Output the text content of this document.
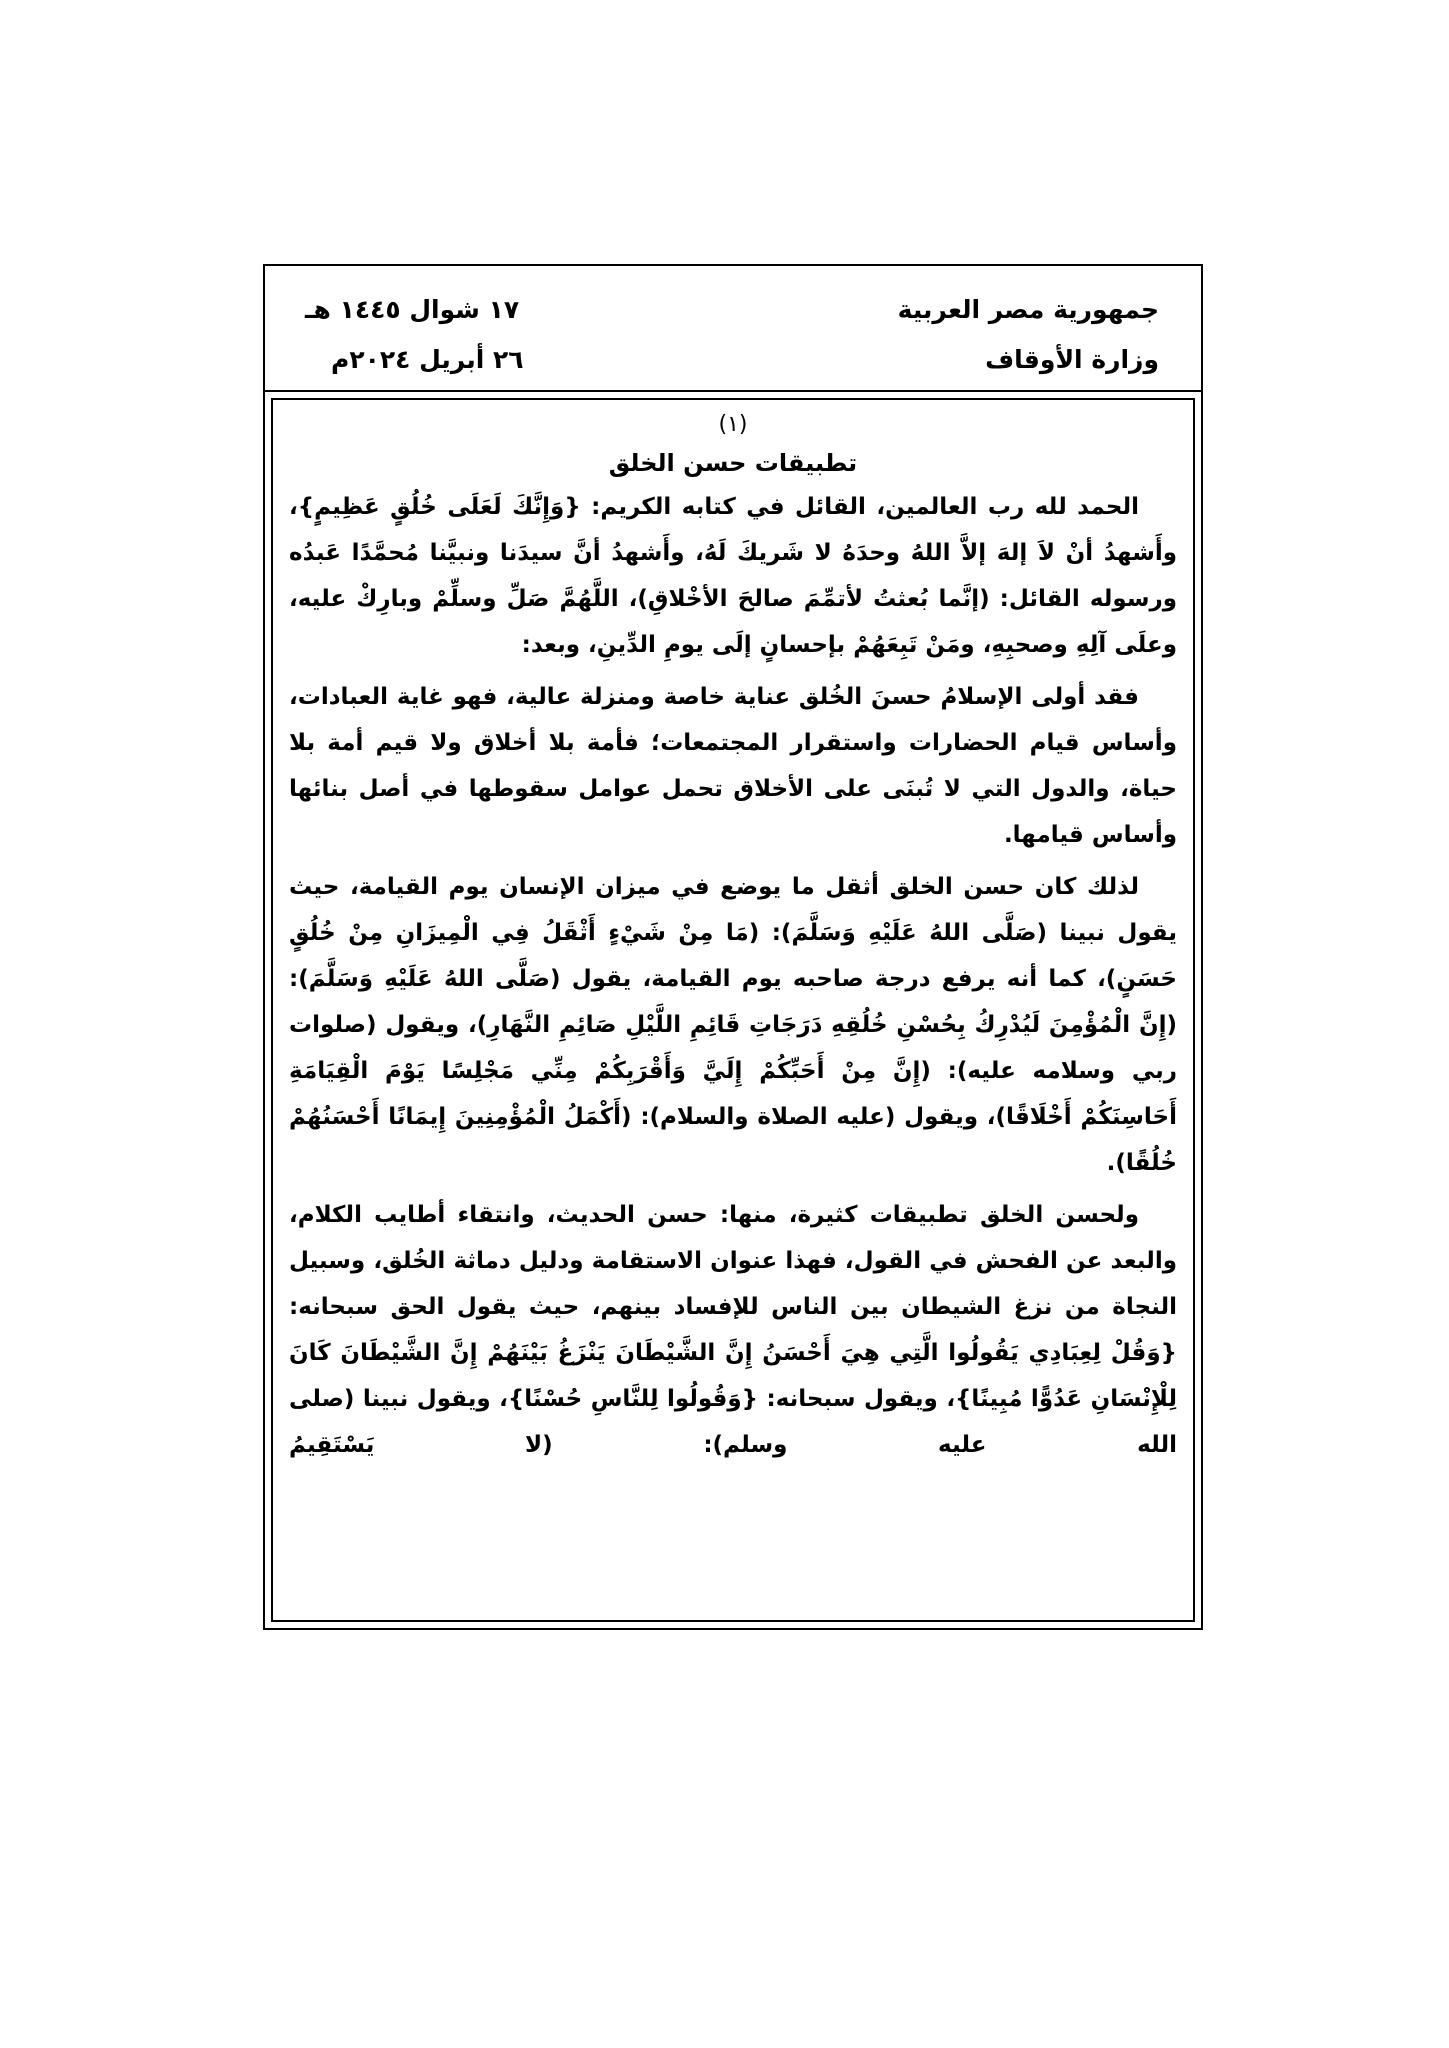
جمهورية مصر العربية
وزارة الأوقاف
١٧ شوال ١٤٤٥ هـ
٢٦ أبريل ٢٠٢٤م

(١)

تطبيقات حسن الخلق

الحمد لله رب العالمين، القائل في كتابه الكريم: {وَإِنَّكَ لَعَلَى خُلُقٍ عَظِيمٍ}، وأَشهدُ أنْ لاَ إلهَ إلاَّ اللهُ وحدَهُ لا شَريكَ لَهُ، وأَشهدُ أنَّ سيدَنا ونبيَّنا مُحمَّدًا عَبدُه ورسوله القائل: (إنَّما بُعثتُ لأتمِّمَ صالحَ الأخْلاقِ)، اللَّهُمَّ صَلِّ وسلِّمْ وبارِكْ عليه، وعلَى آلِهِ وصحبِهِ، ومَنْ تَبِعَهُمْ بإحسانٍ إلَى يومِ الدِّينِ، وبعد:

فقد أولى الإسلامُ حسنَ الخُلق عناية خاصة ومنزلة عالية، فهو غاية العبادات، وأساس قيام الحضارات واستقرار المجتمعات؛ فأمة بلا أخلاق ولا قيم أمة بلا حياة، والدول التي لا تُبنَى على الأخلاق تحمل عوامل سقوطها في أصل بنائها وأساس قيامها.

لذلك كان حسن الخلق أثقل ما يوضع في ميزان الإنسان يوم القيامة، حيث يقول نبينا (صَلَّى اللهُ عَلَيْهِ وَسَلَّمَ): (مَا مِنْ شَيْءٍ أَثْقَلُ فِي الْمِيزَانِ مِنْ خُلُقٍ حَسَنٍ)، كما أنه يرفع درجة صاحبه يوم القيامة، يقول (صَلَّى اللهُ عَلَيْهِ وَسَلَّمَ): (إِنَّ الْمُؤْمِنَ لَيُدْرِكُ بِحُسْنِ خُلُقِهِ دَرَجَاتِ قَائِمِ اللَّيْلِ صَائِمِ النَّهَارِ)، ويقول (صلوات ربي وسلامه عليه): (إِنَّ مِنْ أَحَبِّكُمْ إِلَيَّ وَأَقْرَبِكُمْ مِنِّي مَجْلِسًا يَوْمَ الْقِيَامَةِ أَحَاسِنَكُمْ أَخْلَاقًا)، ويقول (عليه الصلاة والسلام): (أَكْمَلُ الْمُؤْمِنِينَ إِيمَانًا أَحْسَنُهُمْ خُلُقًا).

ولحسن الخلق تطبيقات كثيرة، منها: حسن الحديث، وانتقاء أطايب الكلام، والبعد عن الفحش في القول، فهذا عنوان الاستقامة ودليل دماثة الخُلق، وسبيل النجاة من نزغ الشيطان بين الناس للإفساد بينهم، حيث يقول الحق سبحانه: {وَقُلْ لِعِبَادِي يَقُولُوا الَّتِي هِيَ أَحْسَنُ إِنَّ الشَّيْطَانَ يَنْزَغُ بَيْنَهُمْ إِنَّ الشَّيْطَانَ كَانَ لِلْإِنْسَانِ عَدُوًّا مُبِينًا}، ويقول سبحانه: {وَقُولُوا لِلنَّاسِ حُسْنًا}، ويقول نبينا (صلى الله عليه وسلم): (لا يَسْتَقِيمُ
